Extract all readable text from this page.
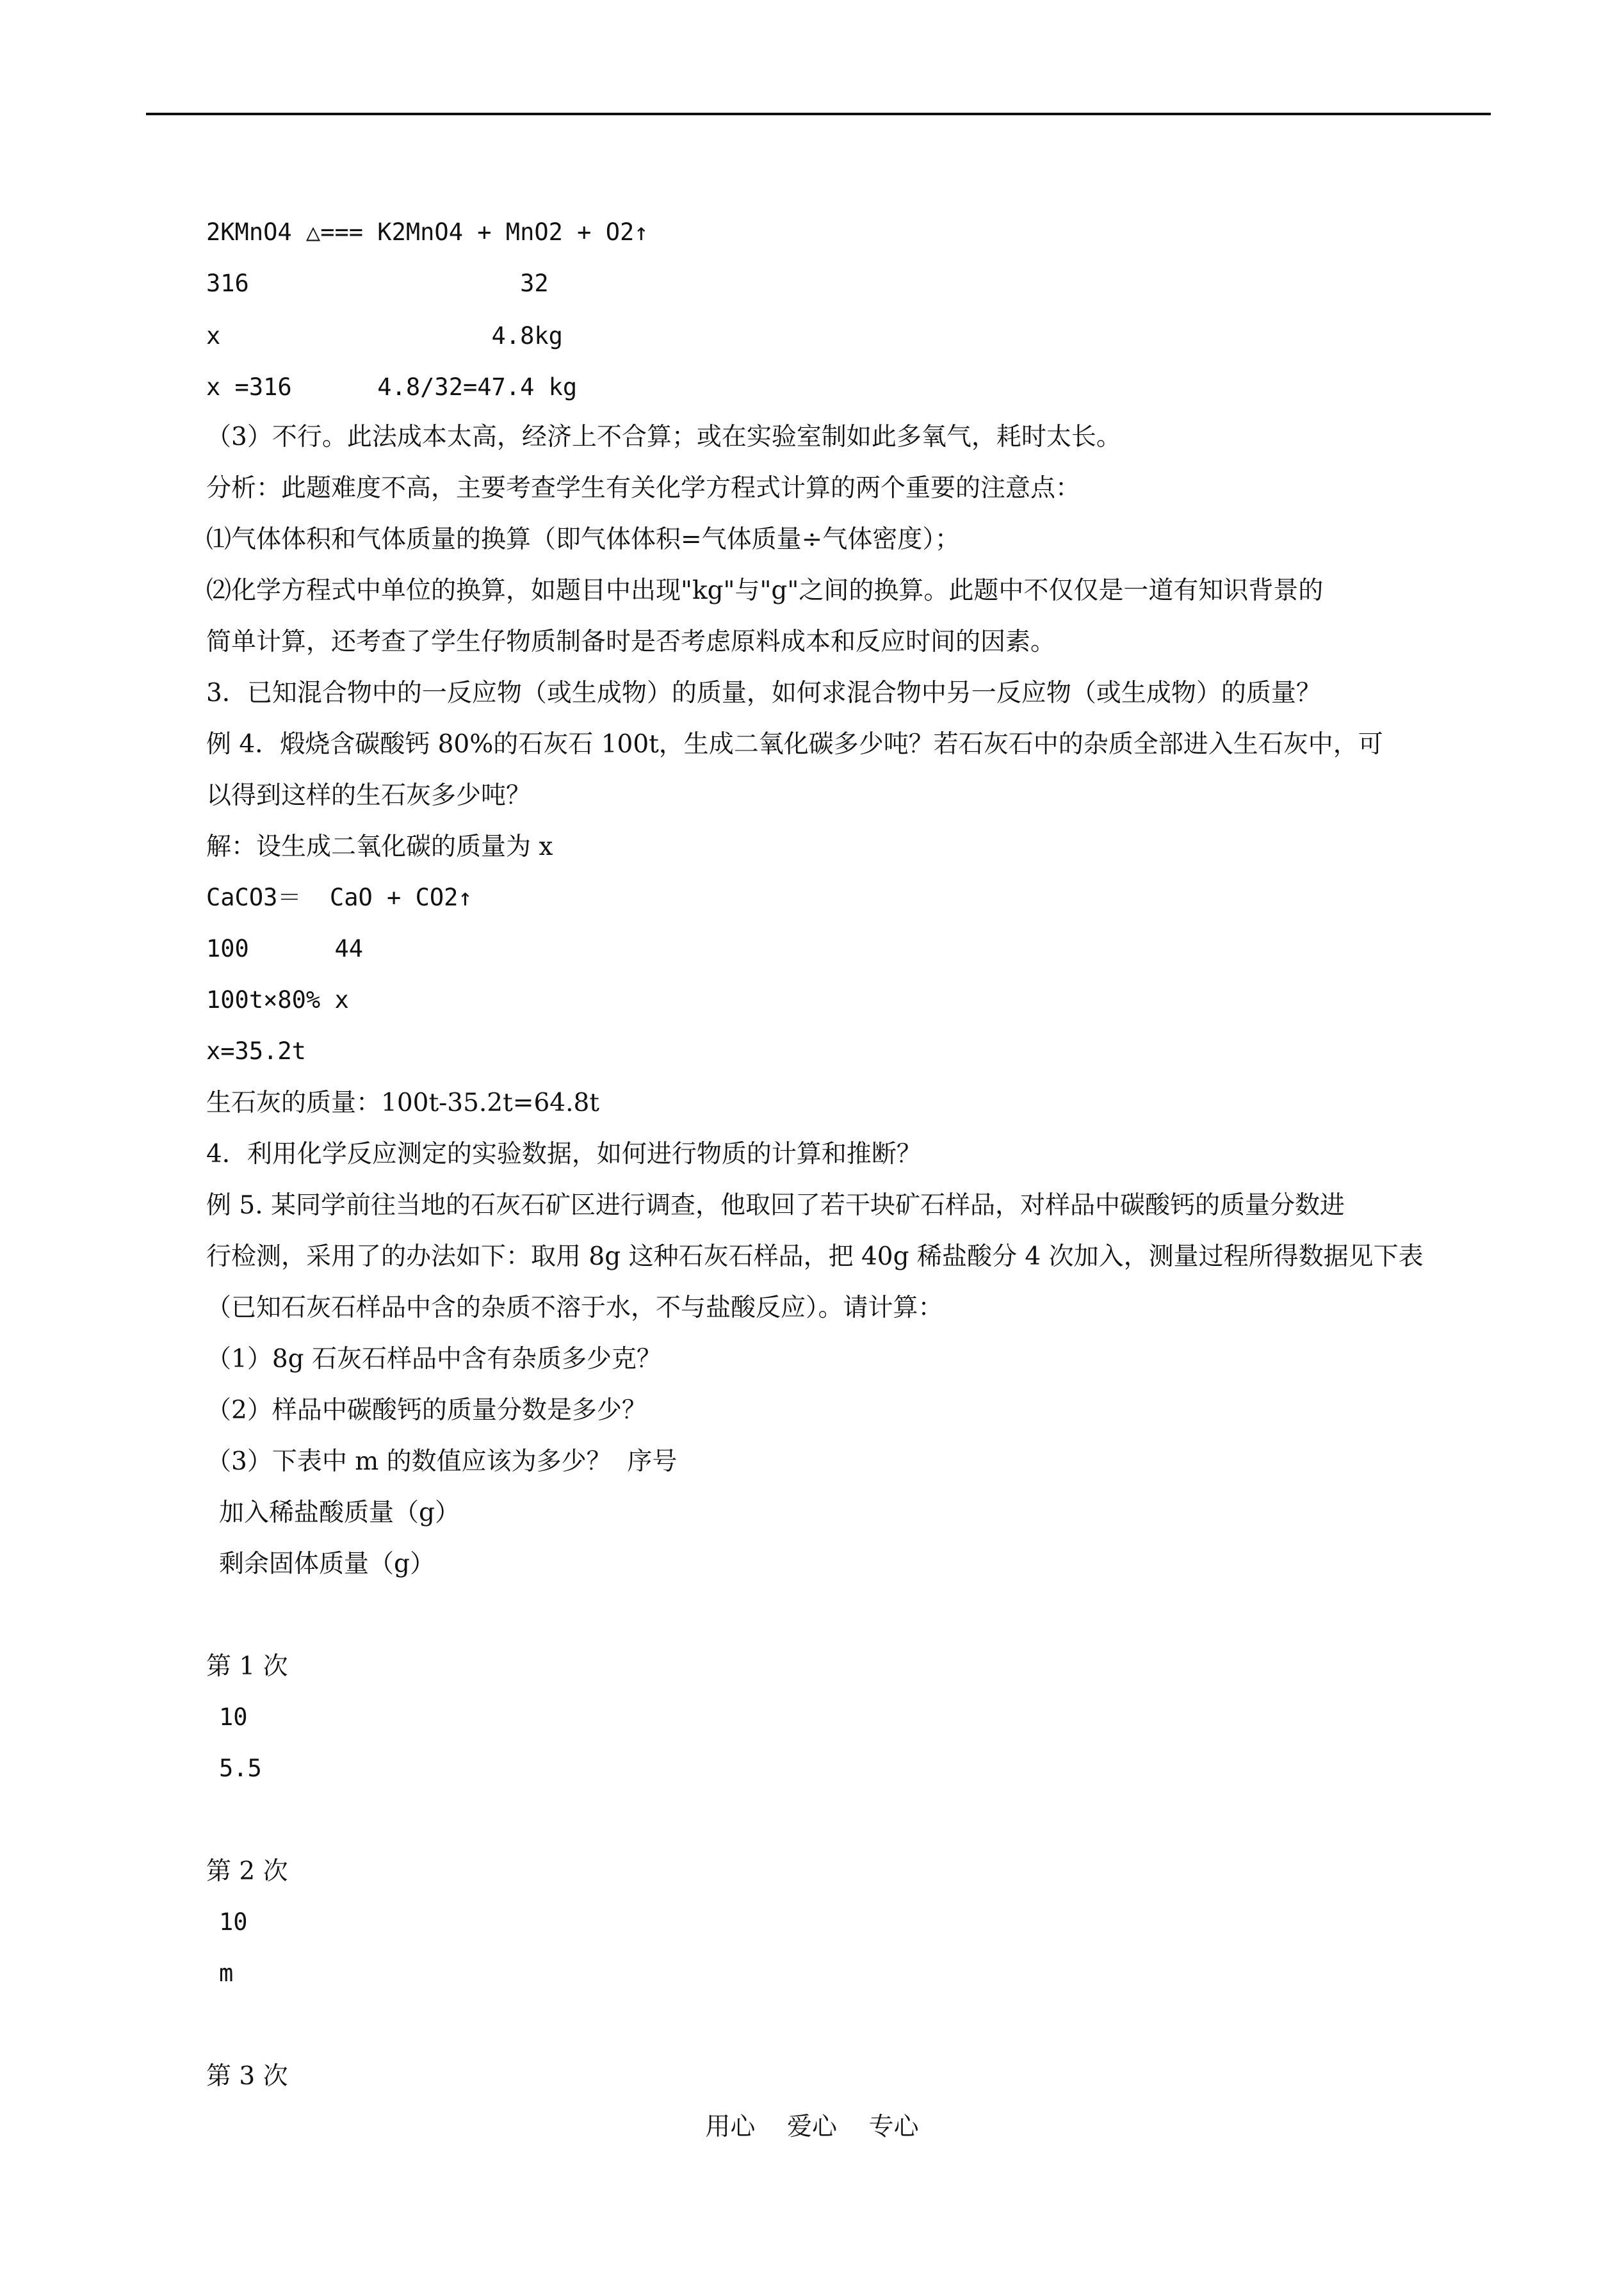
2KMnO4 △=== K2MnO4 + MnO2 + O2↑
316                   32
x                   4.8kg
x =316      4.8/32=47.4 kg
（3）不行。此法成本太高，经济上不合算；或在实验室制如此多氧气，耗时太长。
分析：此题难度不高，主要考查学生有关化学方程式计算的两个重要的注意点：
⑴气体体积和气体质量的换算（即气体体积=气体质量÷气体密度）；
⑵化学方程式中单位的换算，如题目中出现"kg"与"g"之间的换算。此题中不仅仅是一道有知识背景的
简单计算，还考查了学生仔物质制备时是否考虑原料成本和反应时间的因素。
3．已知混合物中的一反应物（或生成物）的质量，如何求混合物中另一反应物（或生成物）的质量？
例 4．煅烧含碳酸钙 80%的石灰石 100t，生成二氧化碳多少吨？若石灰石中的杂质全部进入生石灰中，可
以得到这样的生石灰多少吨？
解：设生成二氧化碳的质量为 x
CaCO3＝  CaO + CO2↑
100      44
100t×80% x
x=35.2t
生石灰的质量：100t-35.2t=64.8t
4．利用化学反应测定的实验数据，如何进行物质的计算和推断？
例 5. 某同学前往当地的石灰石矿区进行调查，他取回了若干块矿石样品，对样品中碳酸钙的质量分数进
行检测，采用了的办法如下：取用 8g 这种石灰石样品，把 40g 稀盐酸分 4 次加入，测量过程所得数据见下表
（已知石灰石样品中含的杂质不溶于水，不与盐酸反应）。请计算：
（1）8g 石灰石样品中含有杂质多少克？
（2）样品中碳酸钙的质量分数是多少？
（3）下表中 m 的数值应该为多少？  序号
加入稀盐酸质量（g）
剩余固体质量（g）
第 1 次
10
5.5
第 2 次
10
m
第 3 次
用心    爱心    专心
